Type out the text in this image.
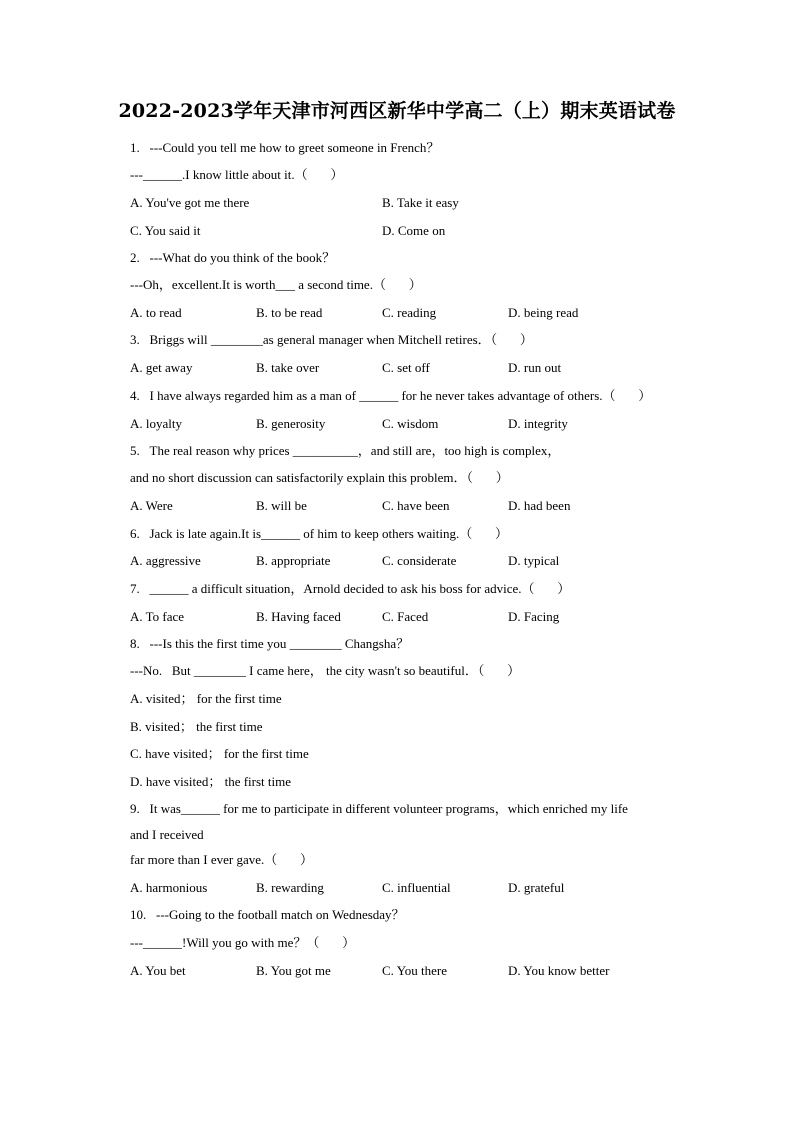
2022-2023学年天津市河西区新华中学高二（上）期末英语试卷
1.   ---Could you tell me how to greet someone in French？
---______.I know little about it.（       ）
A. You've got me there	B. Take it easy
C. You said it	D. Come on
2.   ---What do you think of the book？
---Oh，excellent.It is worth___ a second time.（       ）
A. to read	B. to be read	C. reading	D. being read
3.   Briggs will ________as general manager when Mitchell retires．（       ）
A. get away	B. take over	C. set off	D. run out
4.   I have always regarded him as a man of ______ for he never takes advantage of others.（       ）
A. loyalty	B. generosity	C. wisdom	D. integrity
5.   The real reason why prices __________，and still are，too high is complex，
and no short discussion can satisfactorily explain this problem．（       ）
A. Were	B. will be	C. have been	D. had been
6.   Jack is late again.It is______ of him to keep others waiting.（       ）
A. aggressive	B. appropriate	C. considerate	D. typical
7.   ______ a difficult situation，Arnold decided to ask his boss for advice.（       ）
A. To face	B. Having faced	C. Faced	D. Facing
8.   ---Is this the first time you ________ Changsha？
---No.   But ________ I came here， the city wasn't so beautiful．（       ）
A. visited； for the first time
B. visited； the first time
C. have visited； for the first time
D. have visited； the first time
9.   It was______ for me to participate in different volunteer programs，which enriched my life
and I received
far more than I ever gave.（       ）
A. harmonious	B. rewarding	C. influential	D. grateful
10.   ---Going to the football match on Wednesday？
---______!Will you go with me？（       ）
A. You bet	B. You got me	C. You there	D. You know better
